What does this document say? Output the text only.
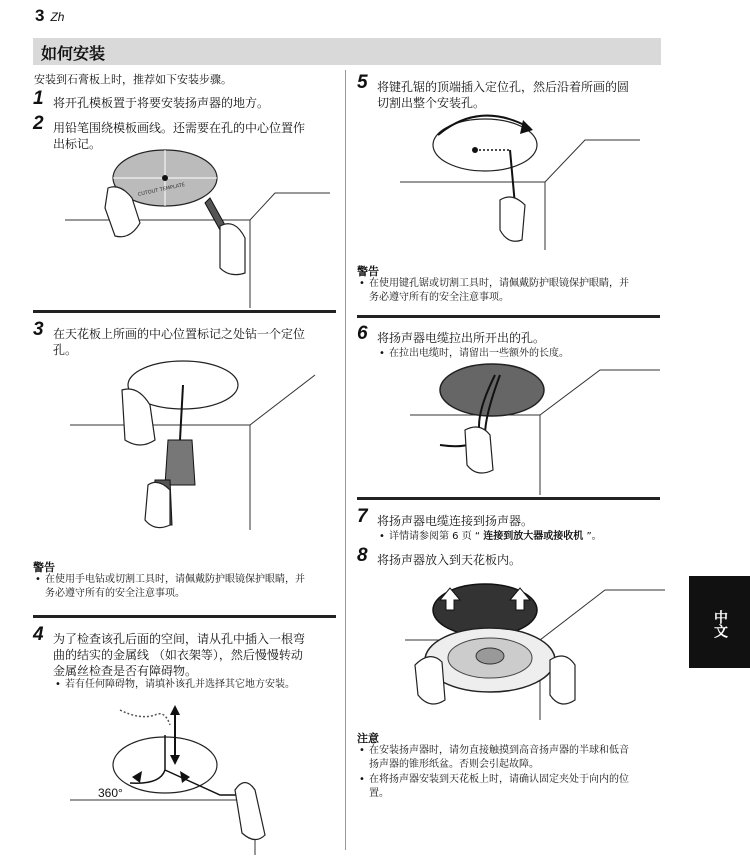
3 Zh
如何安装
安装到石膏板上时，推荐如下安装步骤。
1 将开孔模板置于将要安装扬声器的地方。
2 用铅笔围绕模板画线。还需要在孔的中心位置作
出标记。
CUTOUT TEMPLATE
3 在天花板上所画的中心位置标记之处钻一个定位
孔。
警告
• 在使用手电钻或切割工具时，请佩戴防护眼镜保护眼睛，并
务必遵守所有的安全注意事项。
4 为了检查该孔后面的空间，请从孔中插入一根弯
曲的结实的金属线 （如衣架等），然后慢慢转动
金属丝检查是否有障碍物。
• 若有任何障碍物，请填补该孔并选择其它地方安装。
360°
5 将键孔锯的顶端插入定位孔，然后沿着所画的圆
切割出整个安装孔。
警告
• 在使用键孔锯或切割工具时，请佩戴防护眼镜保护眼睛，并
务必遵守所有的安全注意事项。
6 将扬声器电缆拉出所开出的孔。
• 在拉出电缆时，请留出一些额外的长度。
7 将扬声器电缆连接到扬声器。
• 详情请参阅第 6 页 “ 连接到放大器或接收机 ”。
8 将扬声器放入到天花板内。
注意
• 在安装扬声器时，请勿直接触摸到高音扬声器的半球和低音
扬声器的锥形纸盆。否则会引起故障。
• 在将扬声器安装到天花板上时，请确认固定夹处于向内的位
置。
中文
